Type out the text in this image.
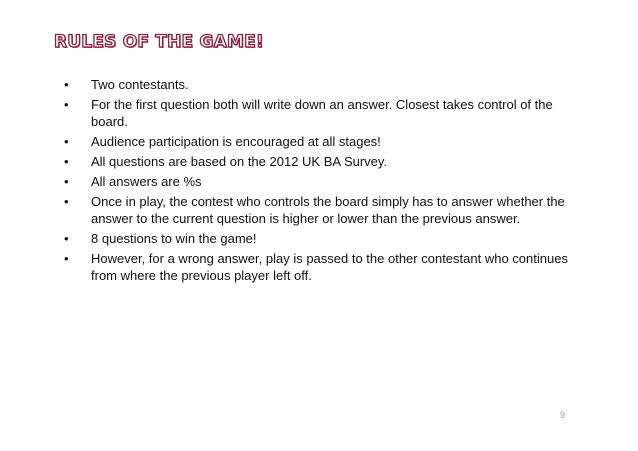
RULES OF THE GAME!
• Two contestants.
• For the first question both will write down an answer. Closest takes control of the board.
• Audience participation is encouraged at all stages!
• All questions are based on the 2012 UK BA Survey.
• All answers are %s
• Once in play, the contest who controls the board simply has to answer whether the answer to the current question is higher or lower than the previous answer.
• 8 questions to win the game!
• However, for a wrong answer, play is passed to the other contestant who continues from where the previous player left off.
9
